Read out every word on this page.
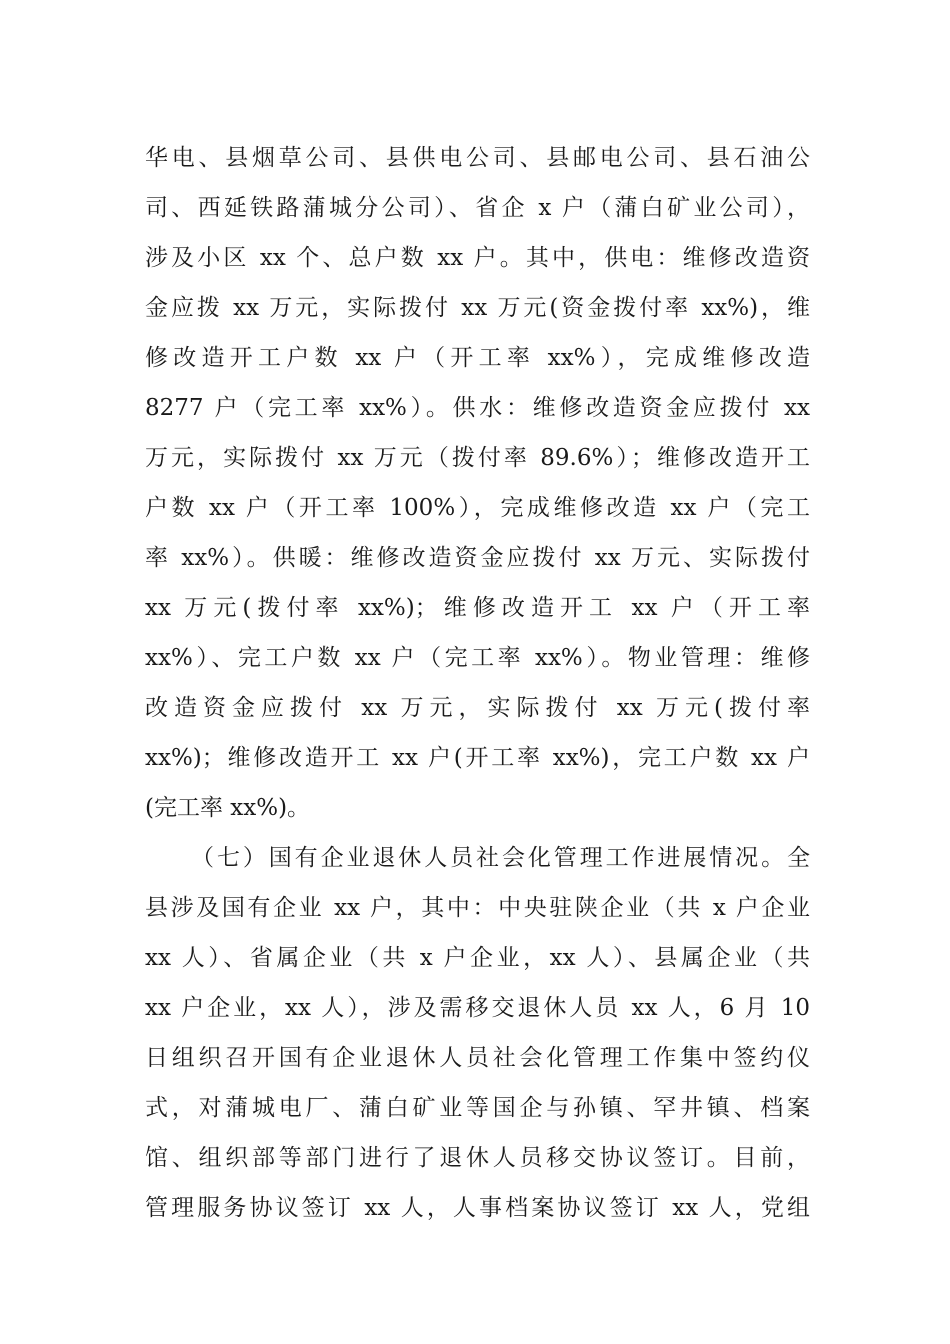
华电、县烟草公司、县供电公司、县邮电公司、县石油公
司、西延铁路蒲城分公司）、省企 x 户（蒲白矿业公司），
涉及小区 xx 个、总户数 xx 户。其中，供电：维修改造资
金应拨 xx 万元，实际拨付 xx 万元(资金拨付率 xx%)，维
修改造开工户数 xx 户（开工率 xx%），完成维修改造
8277 户（完工率 xx%）。供水：维修改造资金应拨付 xx
万元，实际拨付 xx 万元（拨付率 89.6%）；维修改造开工
户数 xx 户（开工率 100%），完成维修改造 xx 户（完工
率 xx%）。供暖：维修改造资金应拨付 xx 万元、实际拨付
xx 万元(拨付率 xx%)；维修改造开工 xx 户（开工率
xx%）、完工户数 xx 户（完工率 xx%）。物业管理：维修
改造资金应拨付 xx 万元，实际拨付 xx 万元(拨付率
xx%)；维修改造开工 xx 户(开工率 xx%)，完工户数 xx 户
(完工率 xx%)。
（七）国有企业退休人员社会化管理工作进展情况。全
县涉及国有企业 xx 户，其中：中央驻陕企业（共 x 户企业
xx 人）、省属企业（共 x 户企业，xx 人）、县属企业（共
xx 户企业，xx 人），涉及需移交退休人员 xx 人，6 月 10
日组织召开国有企业退休人员社会化管理工作集中签约仪
式，对蒲城电厂、蒲白矿业等国企与孙镇、罕井镇、档案
馆、组织部等部门进行了退休人员移交协议签订。目前，
管理服务协议签订 xx 人，人事档案协议签订 xx 人，党组
